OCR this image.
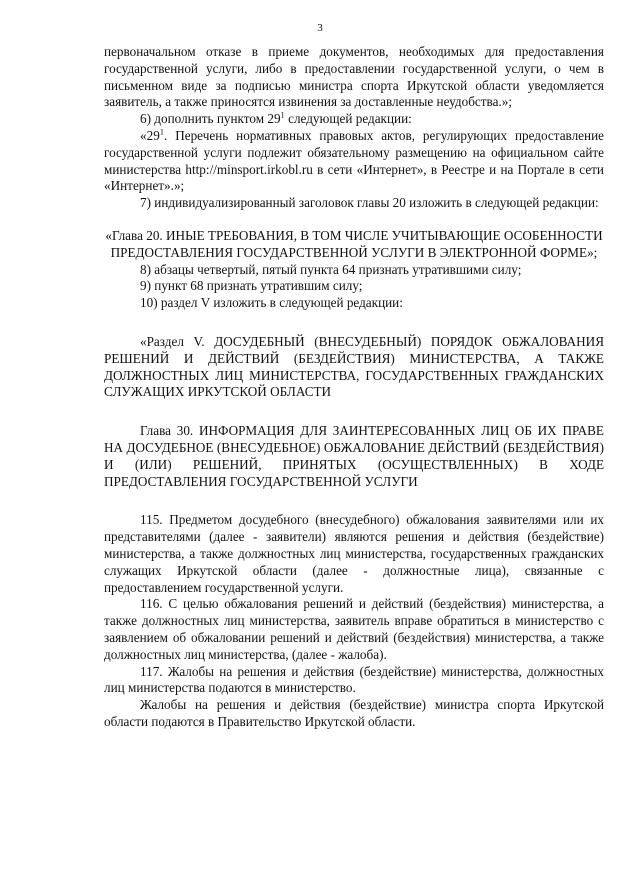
3

первоначальном отказе в приеме документов, необходимых для предоставления государственной услуги, либо в предоставлении государственной услуги, о чем в письменном виде за подписью министра спорта Иркутской области уведомляется заявитель, а также приносятся извинения за доставленные неудобства.»;

6) дополнить пунктом $29^1$ следующей редакции:

«$29^1$. Перечень нормативных правовых актов, регулирующих предоставление государственной услуги подлежит обязательному размещению на официальном сайте министерства http://minsport.irkobl.ru в сети «Интернет», в Реестре и на Портале в сети «Интернет».»;

7) индивидуализированный заголовок главы 20 изложить в следующей редакции:

«Глава 20. ИНЫЕ ТРЕБОВАНИЯ, В ТОМ ЧИСЛЕ УЧИТЫВАЮЩИЕ ОСОБЕННОСТИ ПРЕДОСТАВЛЕНИЯ ГОСУДАРСТВЕННОЙ УСЛУГИ В ЭЛЕКТРОННОЙ ФОРМЕ»;

8) абзацы четвертый, пятый пункта 64 признать утратившими силу;

9) пункт 68 признать утратившим силу;

10) раздел V изложить в следующей редакции:

«Раздел V. ДОСУДЕБНЫЙ (ВНЕСУДЕБНЫЙ) ПОРЯДОК ОБЖАЛОВАНИЯ РЕШЕНИЙ И ДЕЙСТВИЙ (БЕЗДЕЙСТВИЯ) МИНИСТЕРСТВА, А ТАКЖЕ ДОЛЖНОСТНЫХ ЛИЦ МИНИСТЕРСТВА, ГОСУДАРСТВЕННЫХ ГРАЖДАНСКИХ СЛУЖАЩИХ ИРКУТСКОЙ ОБЛАСТИ

Глава 30. ИНФОРМАЦИЯ ДЛЯ ЗАИНТЕРЕСОВАННЫХ ЛИЦ ОБ ИХ ПРАВЕ НА ДОСУДЕБНОЕ (ВНЕСУДЕБНОЕ) ОБЖАЛОВАНИЕ ДЕЙСТВИЙ (БЕЗДЕЙСТВИЯ) И (ИЛИ) РЕШЕНИЙ, ПРИНЯТЫХ (ОСУЩЕСТВЛЕННЫХ) В ХОДЕ ПРЕДОСТАВЛЕНИЯ ГОСУДАРСТВЕННОЙ УСЛУГИ

115. Предметом досудебного (внесудебного) обжалования заявителями или их представителями (далее - заявители) являются решения и действия (бездействие) министерства, а также должностных лиц министерства, государственных гражданских служащих Иркутской области (далее - должностные лица), связанные с предоставлением государственной услуги.

116. С целью обжалования решений и действий (бездействия) министерства, а также должностных лиц министерства, заявитель вправе обратиться в министерство с заявлением об обжаловании решений и действий (бездействия) министерства, а также должностных лиц министерства, (далее - жалоба).

117. Жалобы на решения и действия (бездействие) министерства, должностных лиц министерства подаются в министерство.

Жалобы на решения и действия (бездействие) министра спорта Иркутской области подаются в Правительство Иркутской области.
